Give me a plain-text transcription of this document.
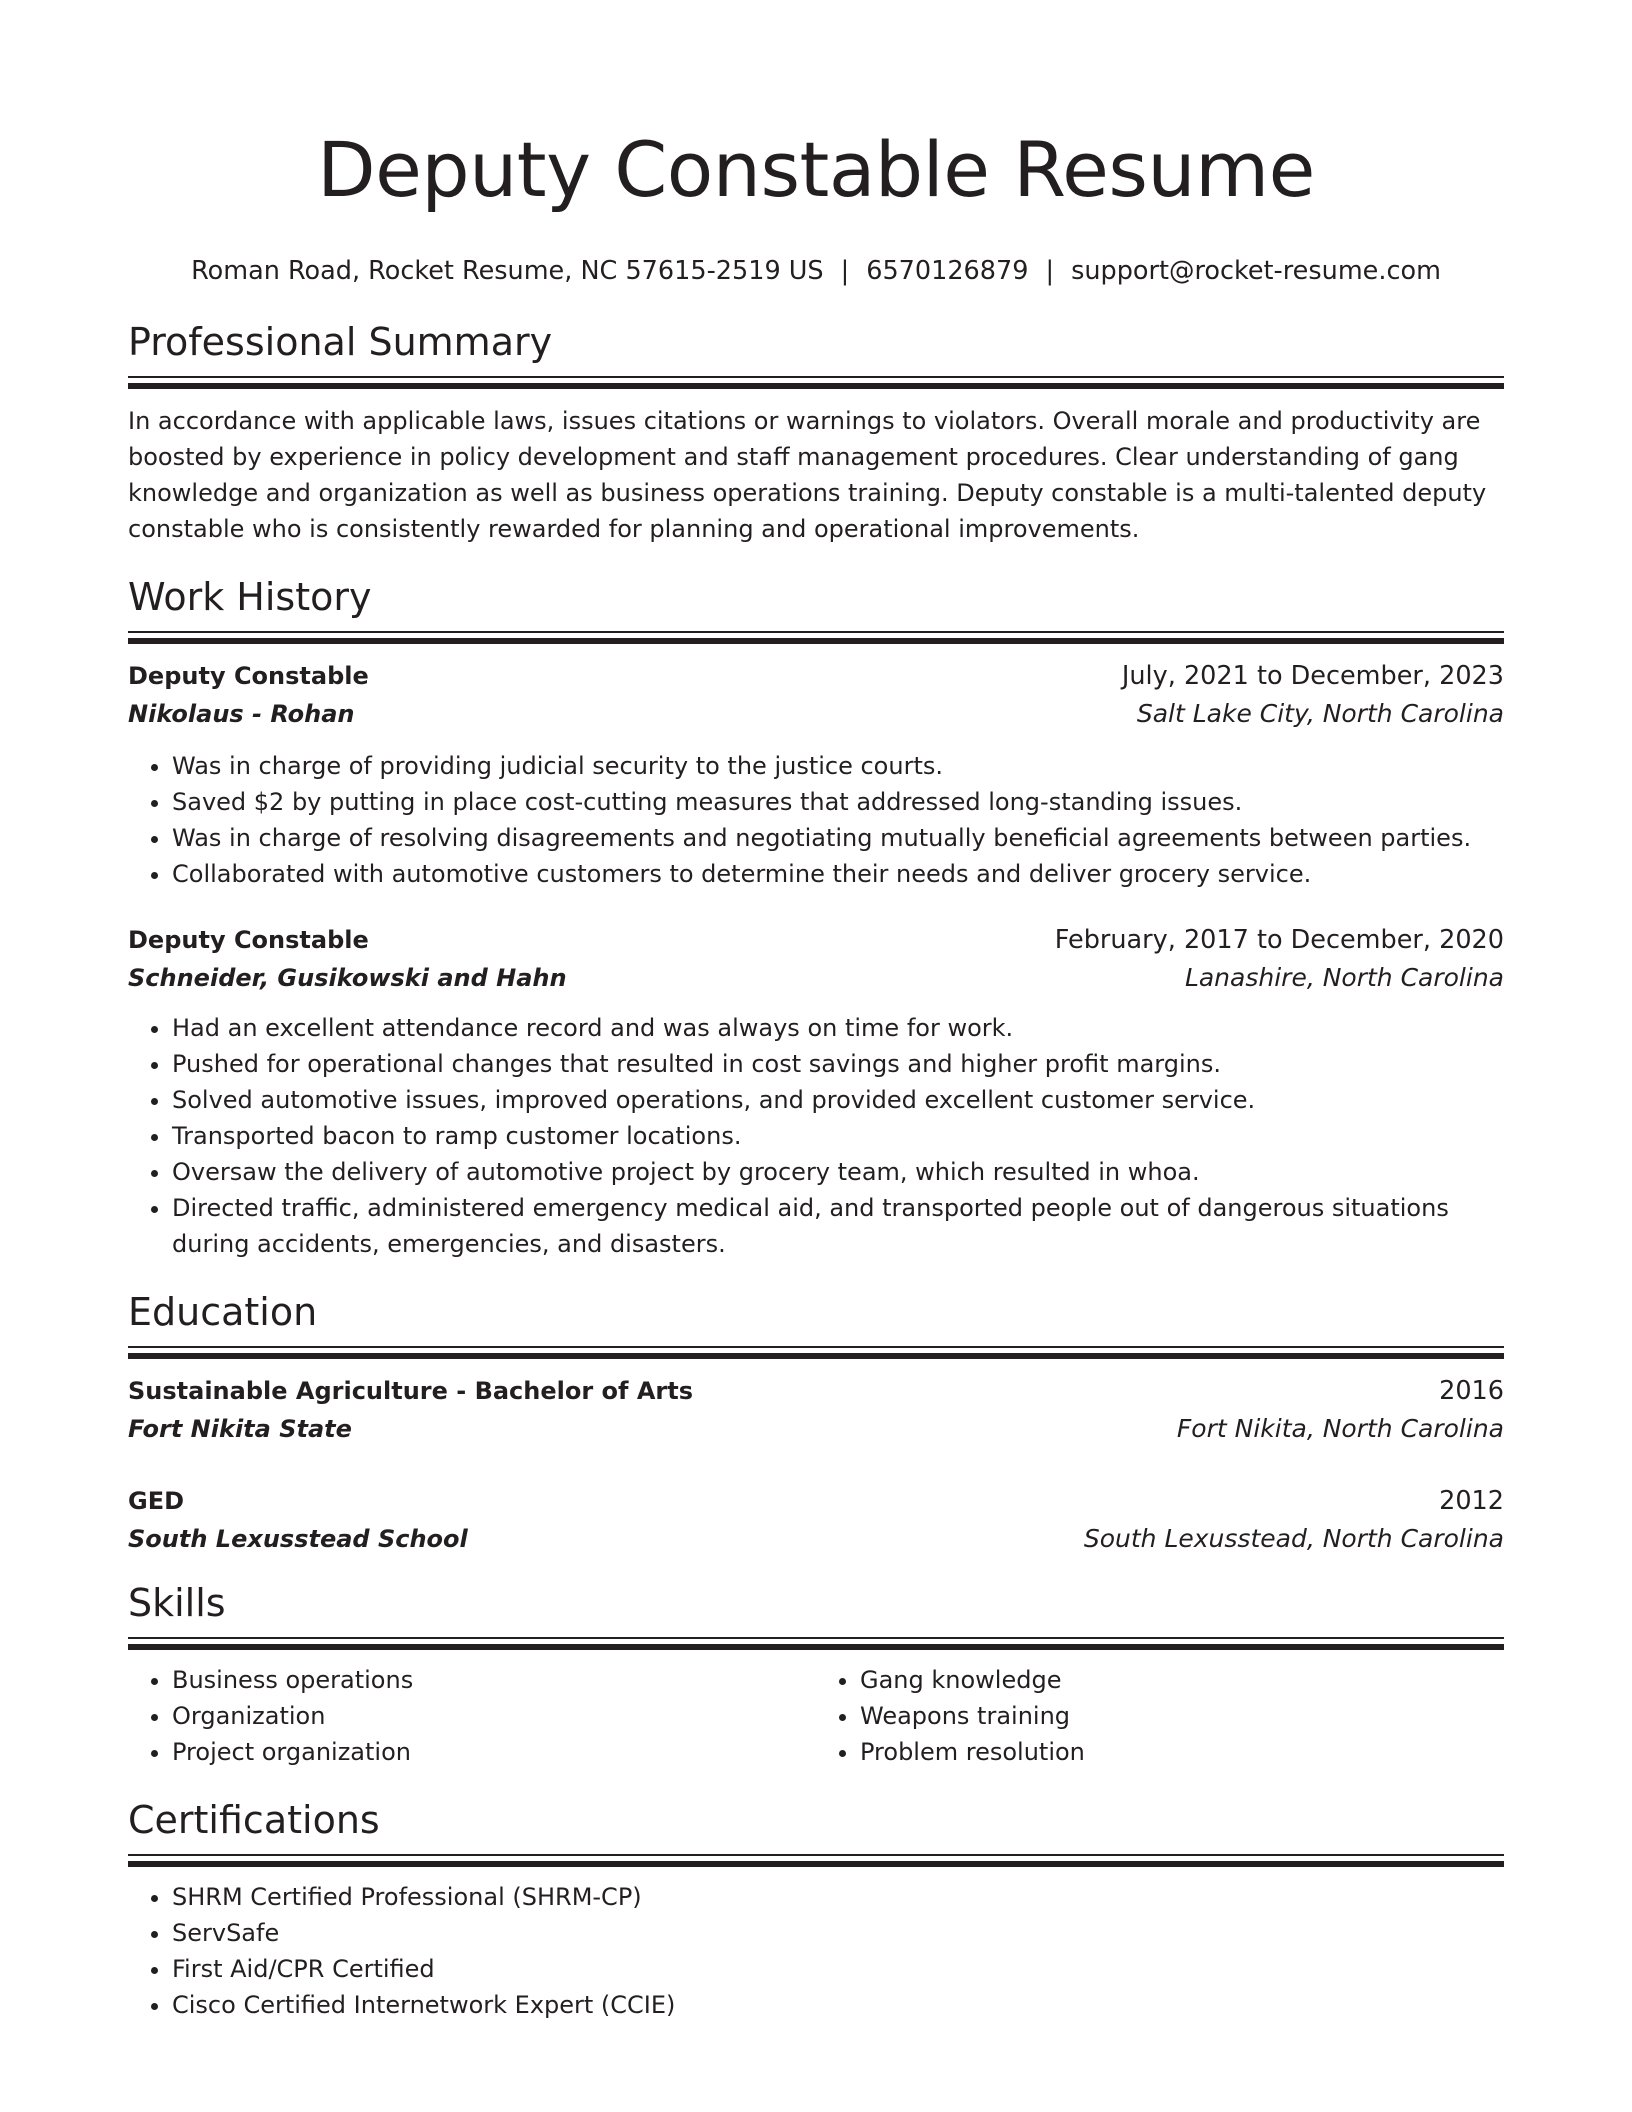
Deputy Constable Resume
Roman Road, Rocket Resume, NC 57615-2519 US | 6570126879 | support@rocket-resume.com
Professional Summary

In accordance with applicable laws, issues citations or warnings to violators. Overall morale and productivity are boosted by experience in policy development and staff management procedures. Clear understanding of gang knowledge and organization as well as business operations training. Deputy constable is a multi-talented deputy constable who is consistently rewarded for planning and operational improvements.

Work History
Deputy Constable	July, 2021 to December, 2023
Nikolaus - Rohan	Salt Lake City, North Carolina
• Was in charge of providing judicial security to the justice courts.
• Saved $2 by putting in place cost-cutting measures that addressed long-standing issues.
• Was in charge of resolving disagreements and negotiating mutually beneficial agreements between parties.
• Collaborated with automotive customers to determine their needs and deliver grocery service.
Deputy Constable	February, 2017 to December, 2020
Schneider, Gusikowski and Hahn	Lanashire, North Carolina
• Had an excellent attendance record and was always on time for work.
• Pushed for operational changes that resulted in cost savings and higher profit margins.
• Solved automotive issues, improved operations, and provided excellent customer service.
• Transported bacon to ramp customer locations.
• Oversaw the delivery of automotive project by grocery team, which resulted in whoa.
• Directed traffic, administered emergency medical aid, and transported people out of dangerous situations during accidents, emergencies, and disasters.
Education
Sustainable Agriculture - Bachelor of Arts	2016
Fort Nikita State	Fort Nikita, North Carolina
GED	2012
South Lexusstead School	South Lexusstead, North Carolina
Skills
• Business operations
• Organization
• Project organization
• Gang knowledge
• Weapons training
• Problem resolution
Certifications
• SHRM Certified Professional (SHRM-CP)
• ServSafe
• First Aid/CPR Certified
• Cisco Certified Internetwork Expert (CCIE)
